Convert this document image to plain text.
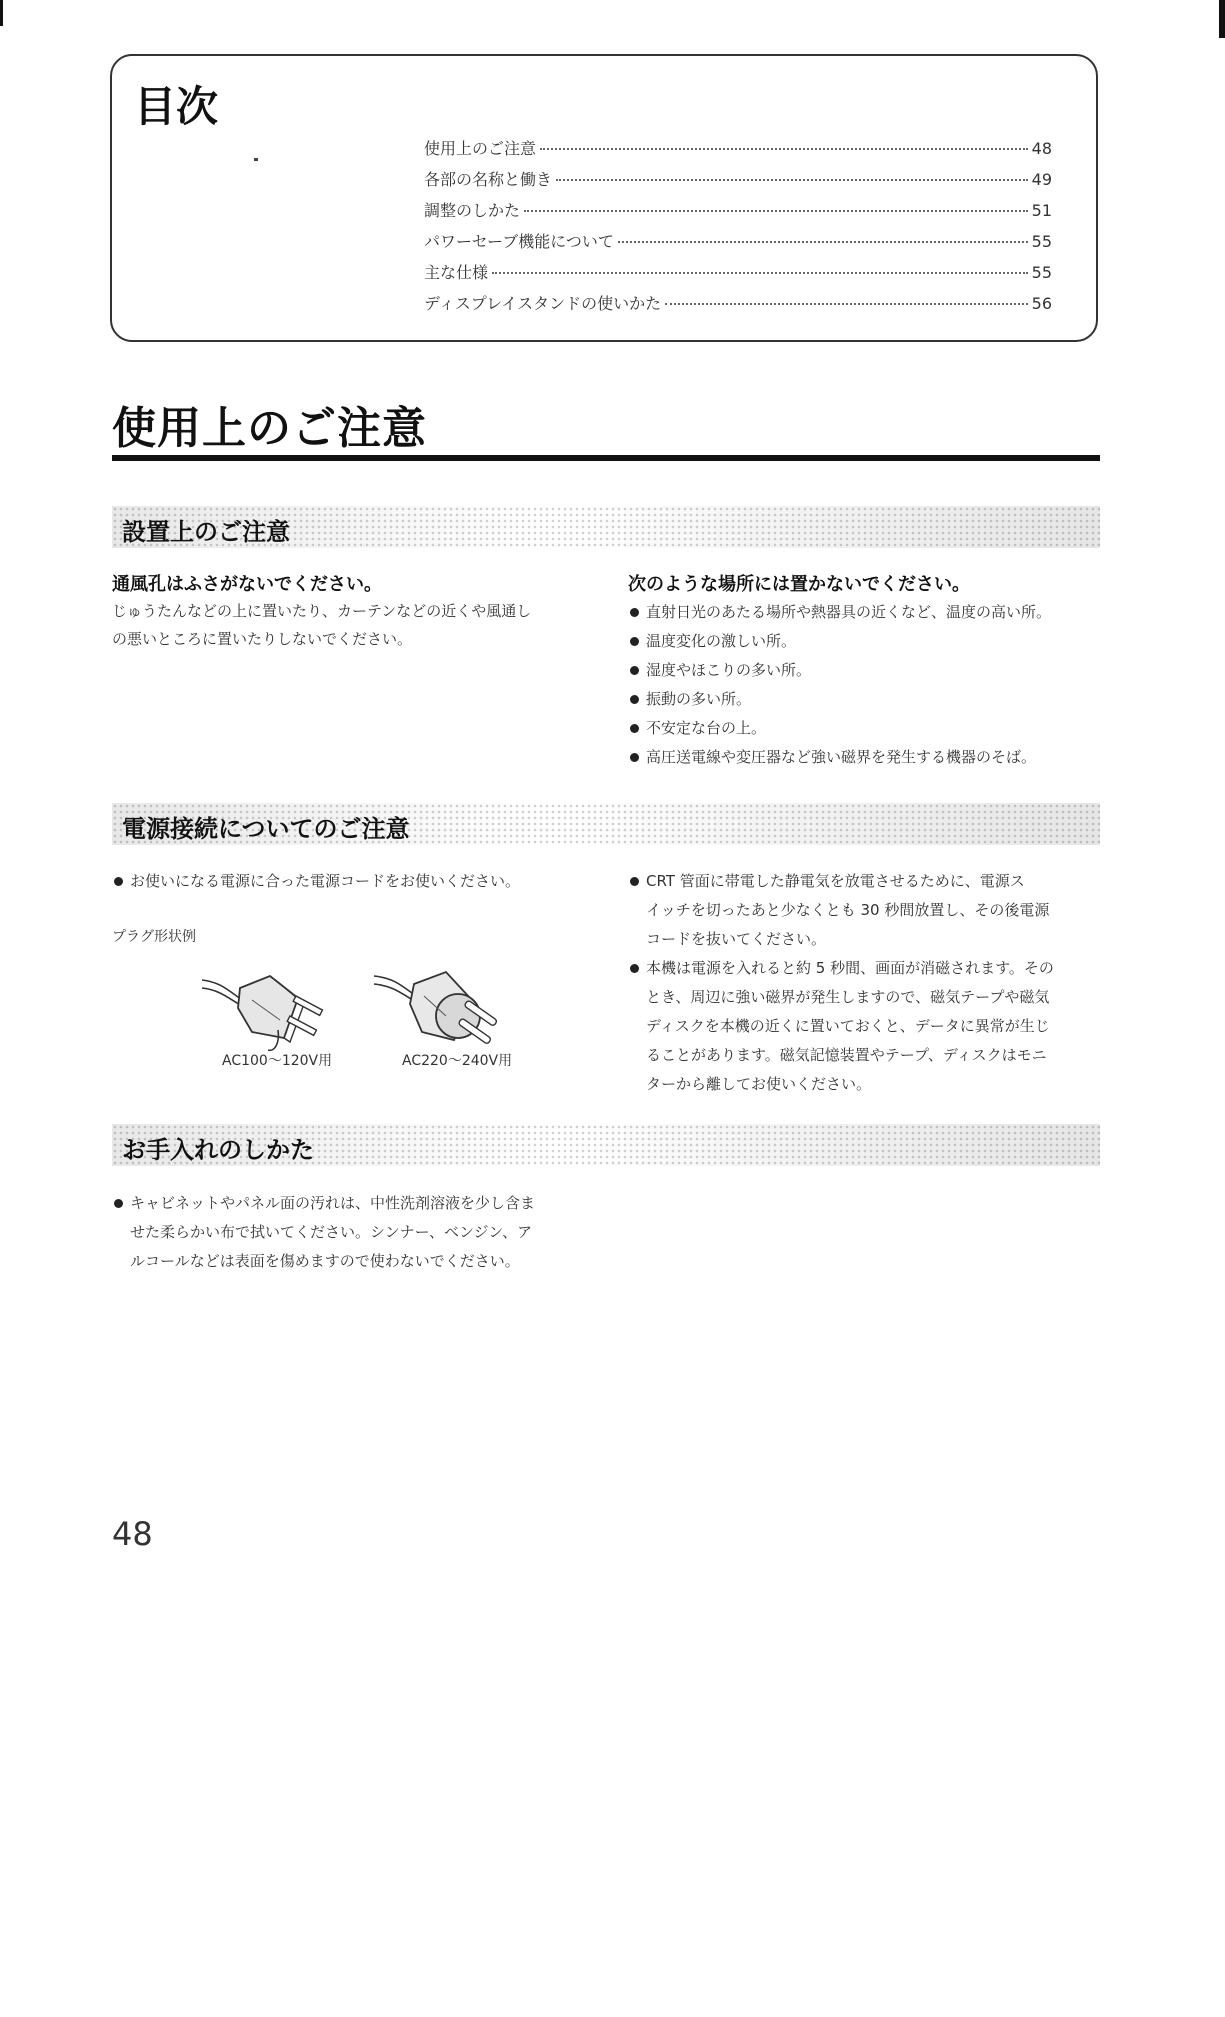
目次
使用上のご注意	48
各部の名称と働き	49
調整のしかた	51
パワーセーブ機能について	55
主な仕様	55
ディスプレイスタンドの使いかた	56
使用上のご注意
設置上のご注意
通風孔はふさがないでください。
じゅうたんなどの上に置いたり、カーテンなどの近くや風通し
の悪いところに置いたりしないでください。
次のような場所には置かないでください。
直射日光のあたる場所や熱器具の近くなど、温度の高い所。
温度変化の激しい所。
湿度やほこりの多い所。
振動の多い所。
不安定な台の上。
高圧送電線や変圧器など強い磁界を発生する機器のそば。
電源接続についてのご注意
お使いになる電源に合った電源コードをお使いください。
プラグ形状例
AC100〜120V用	AC220〜240V用
CRT 管面に帯電した静電気を放電させるために、電源ス
イッチを切ったあと少なくとも 30 秒間放置し、その後電源
コードを抜いてください。
本機は電源を入れると約 5 秒間、画面が消磁されます。その
とき、周辺に強い磁界が発生しますので、磁気テープや磁気
ディスクを本機の近くに置いておくと、データに異常が生じ
ることがあります。磁気記憶装置やテープ、ディスクはモニ
ターから離してお使いください。
お手入れのしかた
キャビネットやパネル面の汚れは、中性洗剤溶液を少し含ま
せた柔らかい布で拭いてください。シンナー、ベンジン、ア
ルコールなどは表面を傷めますので使わないでください。
48
